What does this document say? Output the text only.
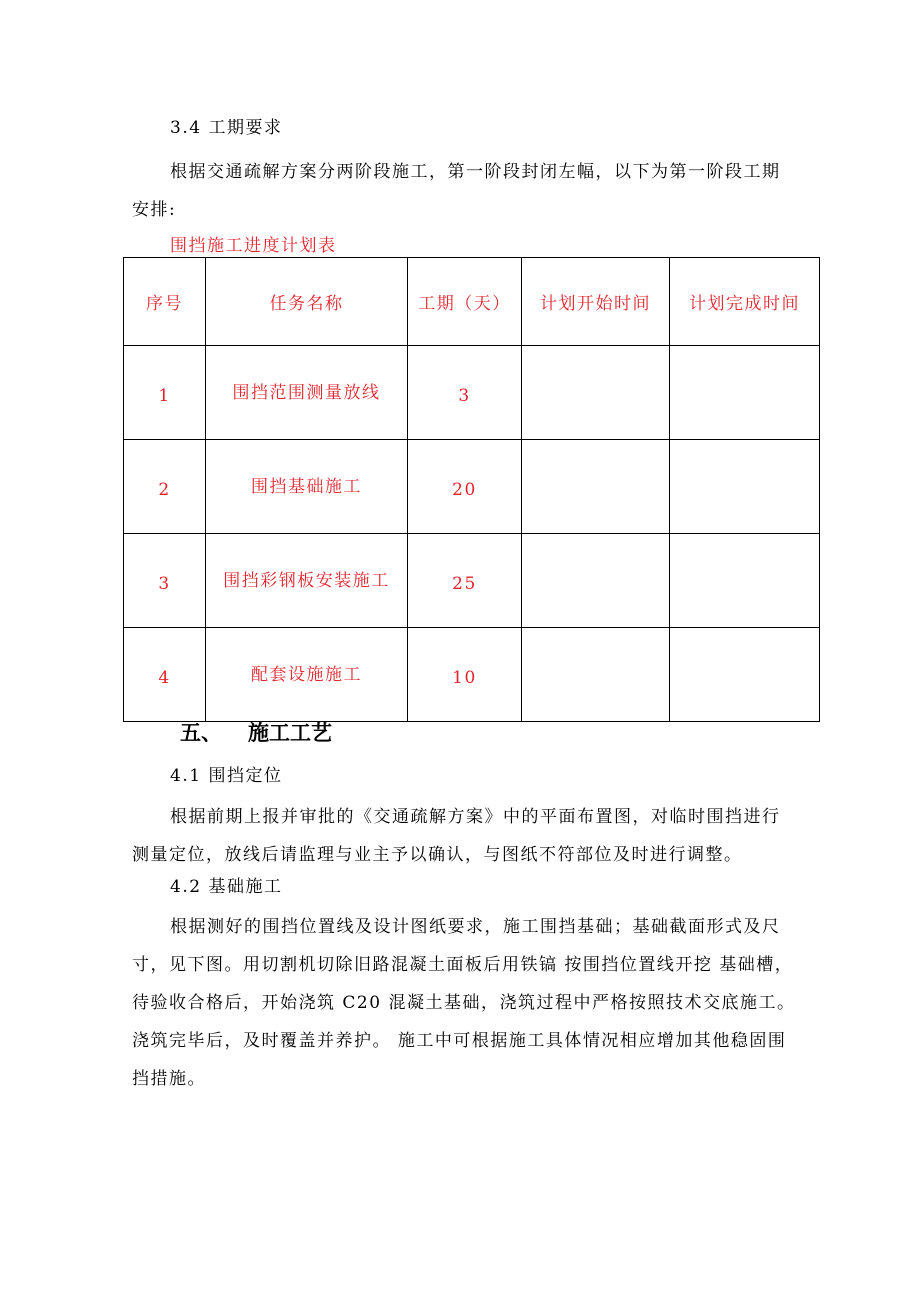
3.4 工期要求
根据交通疏解方案分两阶段施工，第一阶段封闭左幅，以下为第一阶段工期
安排:
围挡施工进度计划表
序号	任务名称	工期（天）	计划开始时间	计划完成时间
1	围挡范围测量放线	3		
2	围挡基础施工	20		
3	围挡彩钢板安装施工	25		
4	配套设施施工	10		
五、 施工工艺
4.1 围挡定位
根据前期上报并审批的《交通疏解方案》中的平面布置图，对临时围挡进行
测量定位，放线后请监理与业主予以确认，与图纸不符部位及时进行调整。
4.2 基础施工
根据测好的围挡位置线及设计图纸要求，施工围挡基础；基础截面形式及尺
寸，见下图。用切割机切除旧路混凝土面板后用铁镐 按围挡位置线开挖 基础槽，
待验收合格后，开始浇筑 C20 混凝土基础，浇筑过程中严格按照技术交底施工。
浇筑完毕后，及时覆盖并养护。 施工中可根据施工具体情况相应增加其他稳固围
挡措施。
